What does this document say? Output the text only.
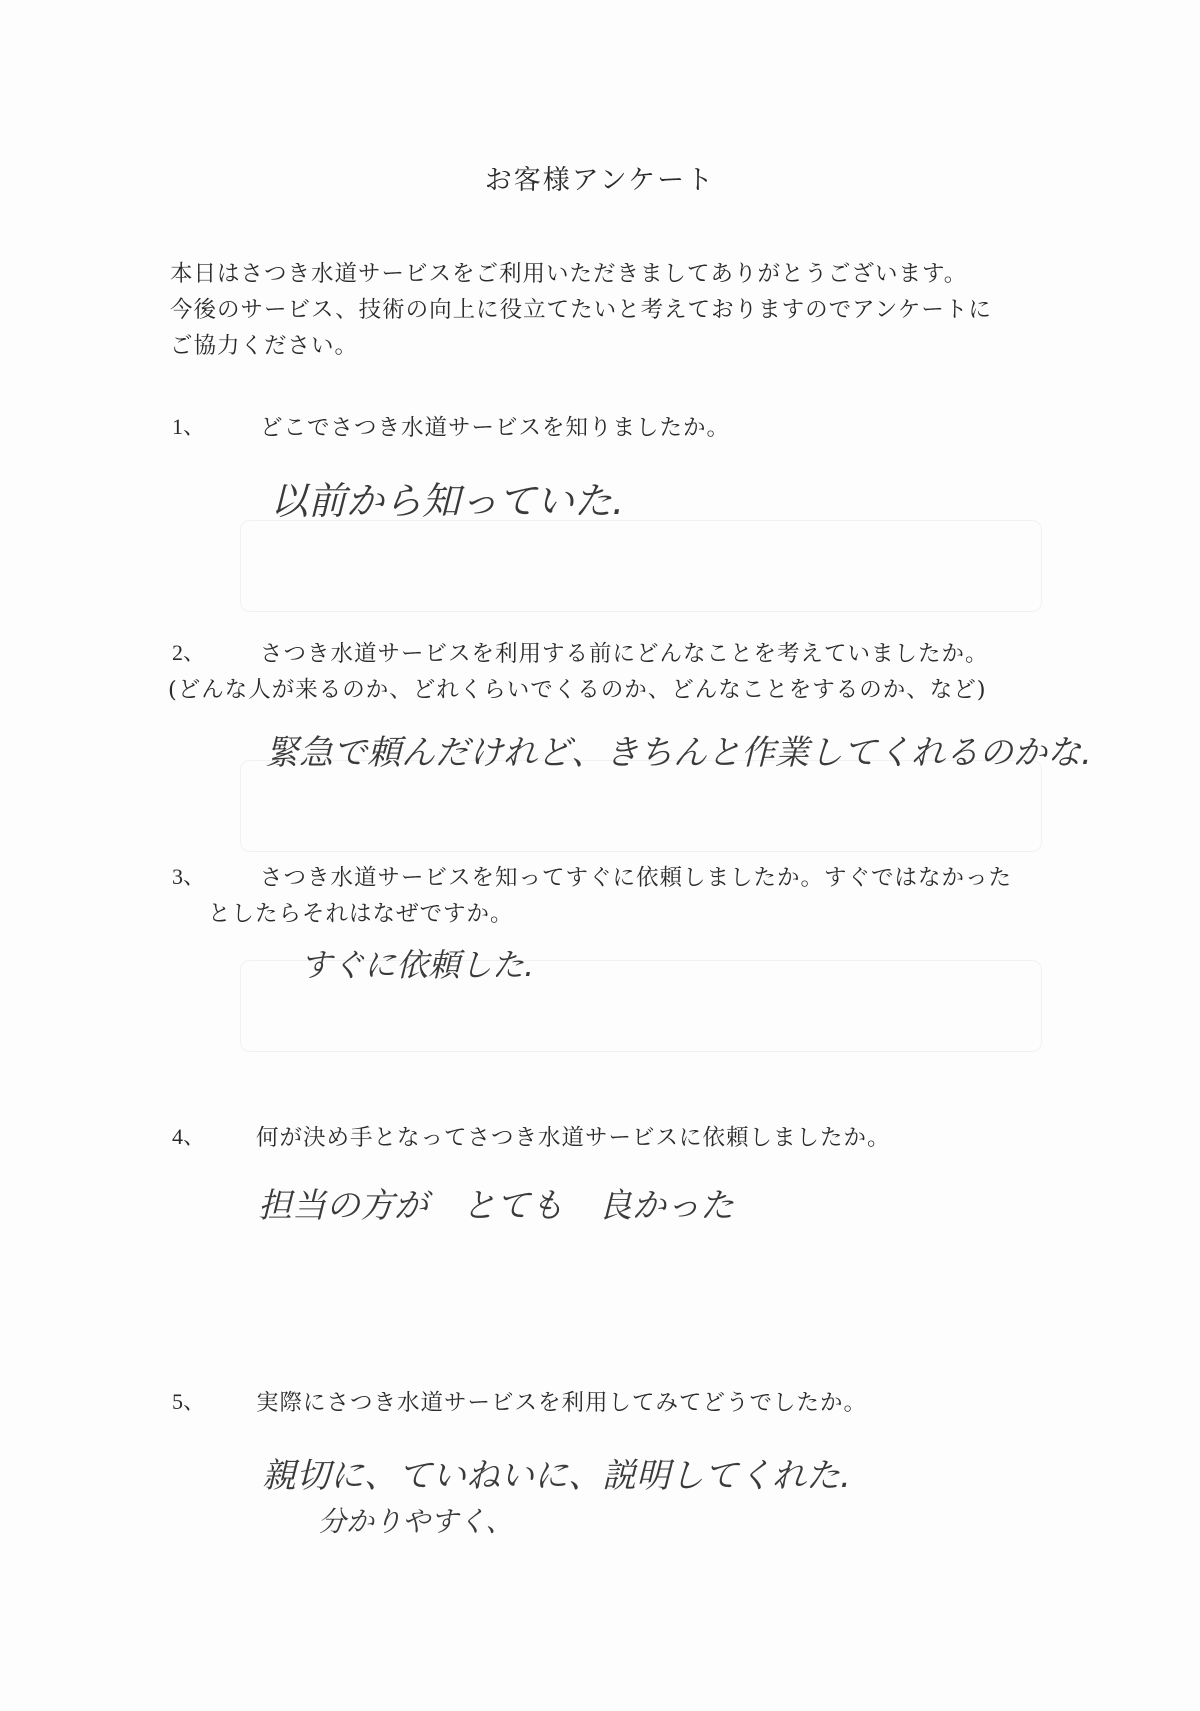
お客様アンケート
本日はさつき水道サービスをご利用いただきましてありがとうございます。
今後のサービス、技術の向上に役立てたいと考えておりますのでアンケートに
ご協力ください。
1、 どこでさつき水道サービスを知りましたか。
以前から知っていた.
2、 さつき水道サービスを利用する前にどんなことを考えていましたか。
(どんな人が来るのか、どれくらいでくるのか、どんなことをするのか、など)
緊急で頼んだけれど、きちんと作業してくれるのかな.
3、 さつき水道サービスを知ってすぐに依頼しましたか。すぐではなかった
としたらそれはなぜですか。
すぐに依頼した.
4、 何が決め手となってさつき水道サービスに依頼しましたか。
担当の方が　とても　良かった
5、 実際にさつき水道サービスを利用してみてどうでしたか。
親切に、ていねいに、説明してくれた.
分かりやすく、
